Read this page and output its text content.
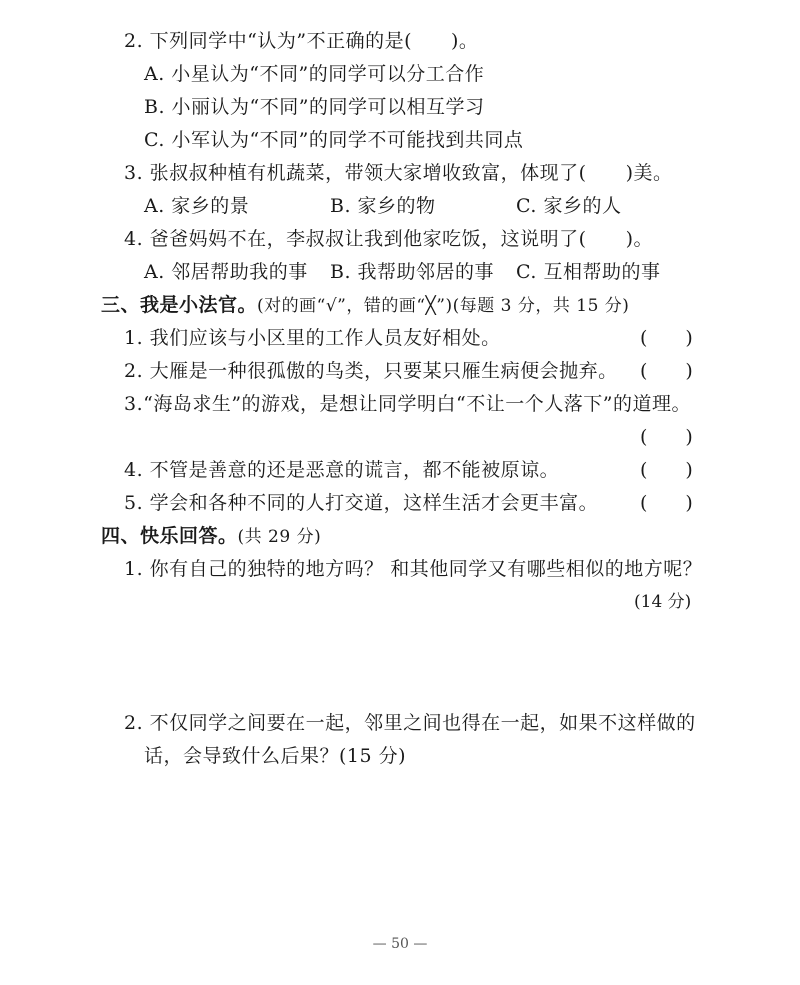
2. 下列同学中“认为”不正确的是(　　)。
A. 小星认为“不同”的同学可以分工合作
B. 小丽认为“不同”的同学可以相互学习
C. 小军认为“不同”的同学不可能找到共同点
3. 张叔叔种植有机蔬菜，带领大家增收致富，体现了(　　)美。
A. 家乡的景	B. 家乡的物	C. 家乡的人
4. 爸爸妈妈不在，李叔叔让我到他家吃饭，这说明了(　　)。
A. 邻居帮助我的事 B. 我帮助邻居的事 C. 互相帮助的事
三、我是小法官。(对的画“√”，错的画“╳”)(每题 3 分，共 15 分)
1. 我们应该与小区里的工作人员友好相处。	(　　)
2. 大雁是一种很孤傲的鸟类，只要某只雁生病便会抛弃。 (　　)
3.“海岛求生”的游戏，是想让同学明白“不让一个人落下”的道理。
(　　)
4. 不管是善意的还是恶意的谎言，都不能被原谅。	(　　)
5. 学会和各种不同的人打交道，这样生活才会更丰富。 (　　)
四、快乐回答。(共 29 分)
1. 你有自己的独特的地方吗？ 和其他同学又有哪些相似的地方呢？
(14 分)
2. 不仅同学之间要在一起，邻里之间也得在一起，如果不这样做的
话，会导致什么后果？(15 分)
— 50 —
